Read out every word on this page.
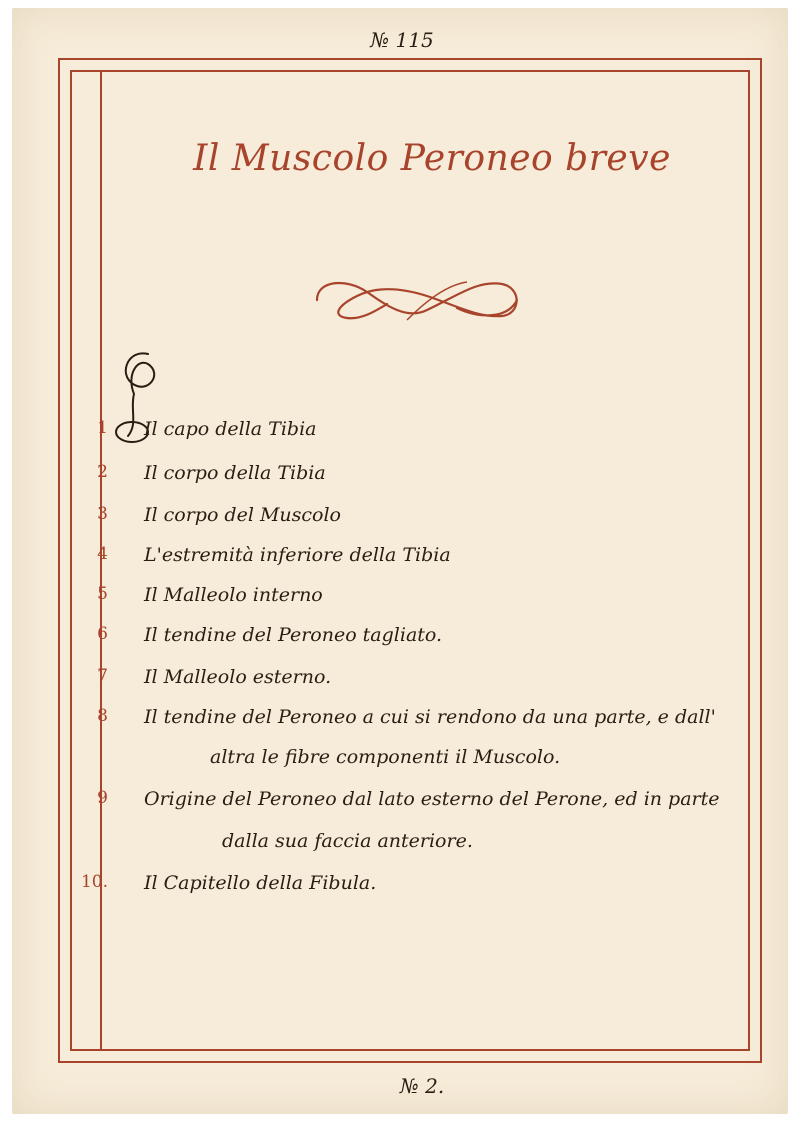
№ 115
Il Muscolo Peroneo breve
1 Il capo della Tibia
2 Il corpo della Tibia
3 Il corpo del Muscolo
4 L'estremità inferiore della Tibia
5 Il Malleolo interno
6 Il tendine del Peroneo tagliato.
7 Il Malleolo esterno.
8 Il tendine del Peroneo a cui si rendono da una parte, e dall'
altra le fibre componenti il Muscolo.
9 Origine del Peroneo dal lato esterno del Perone, ed in parte
dalla sua faccia anteriore.
10. Il Capitello della Fibula.
№ 2.
